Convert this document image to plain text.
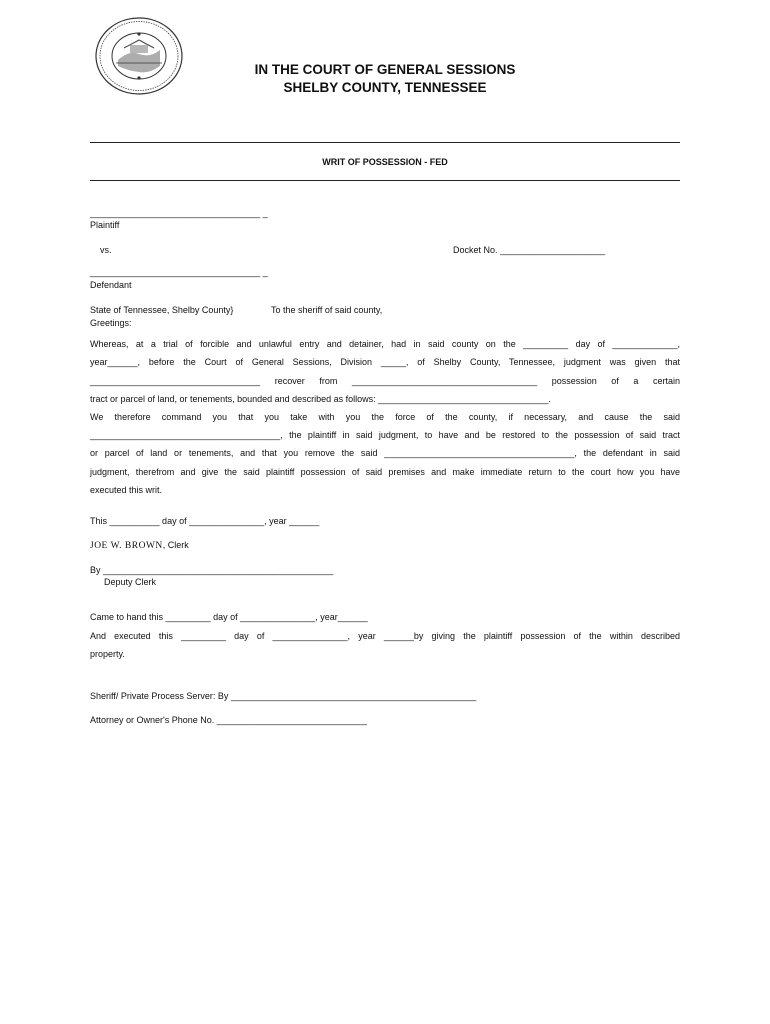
IN THE COURT OF GENERAL SESSIONS
SHELBY COUNTY, TENNESSEE
WRIT OF POSSESSION - FED
__________________________________ _
Plaintiff
vs.	Docket No. _____________________
__________________________________ _
Defendant
State of Tennessee, Shelby County}	To the sheriff of said county,
Greetings:
Whereas, at a trial of forcible and unlawful entry and detainer, had in said county on the _________ day of _____________,
year______, before the Court of General Sessions, Division _____, of Shelby County, Tennessee, judgment was given that
__________________________________ recover from _____________________________________ possession of a certain
tract or parcel of land, or tenements, bounded and described as follows: __________________________________.
We therefore command you that you take with you the force of the county, if necessary, and cause the said
______________________________________, the plaintiff in said judgment, to have and be restored to the possession of said tract
or parcel of land or tenements, and that you remove the said ______________________________________, the defendant in said
judgment, therefrom and give the said plaintiff possession of said premises and make immediate return to the court how you have
executed this writ.
This __________ day of _______________, year ______
JOE W. BROWN, Clerk
By ______________________________________________
Deputy Clerk
Came to hand this _________ day of _______________, year______
And executed this _________ day of _______________, year ______by giving the plaintiff possession of the within described
property.
Sheriff/ Private Process Server: By _________________________________________________
Attorney or Owner's Phone No. ______________________________
